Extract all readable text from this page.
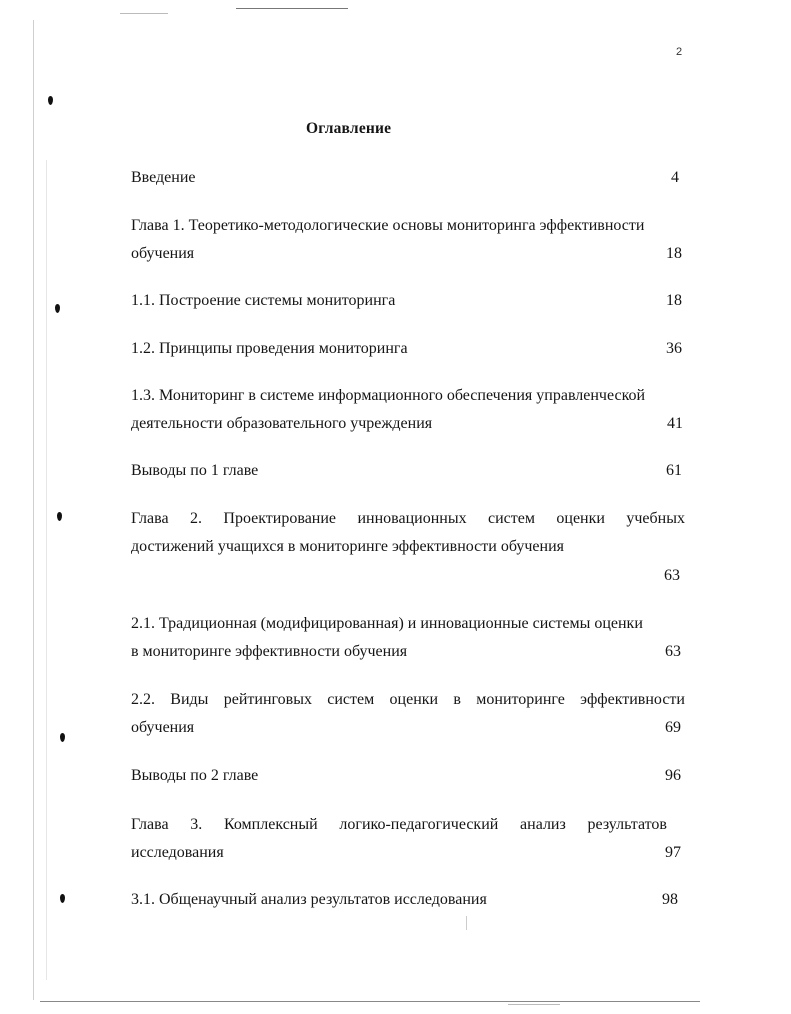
2
Оглавление
Введение	4
Глава 1. Теоретико-методологические основы мониторинга эффективности
обучения	18
1.1. Построение системы мониторинга	18
1.2. Принципы проведения мониторинга	36
1.3. Мониторинг в системе информационного обеспечения управленческой
деятельности образовательного учреждения	41
Выводы по 1 главе	61
Глава 2. Проектирование инновационных систем оценки учебных
достижений учащихся в мониторинге эффективности обучения
63
2.1. Традиционная (модифицированная) и инновационные системы оценки
в мониторинге эффективности обучения	63
2.2. Виды рейтинговых систем оценки в мониторинге эффективности
обучения	69
Выводы по 2 главе	96
Глава 3. Комплексный логико-педагогический анализ результатов
исследования	97
3.1. Общенаучный анализ результатов исследования	98
